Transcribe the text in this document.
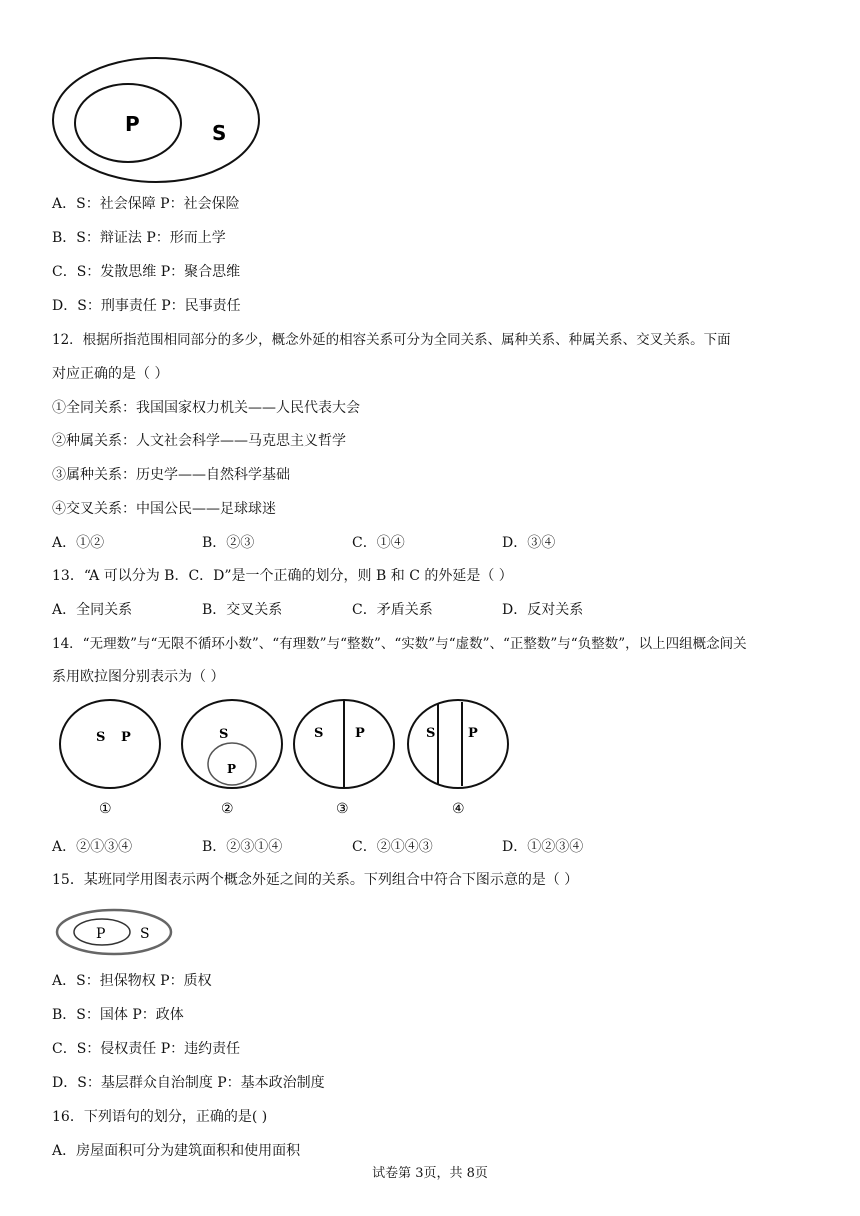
P	S
A．S：社会保障 P：社会保险
B．S：辩证法 P：形而上学
C．S：发散思维 P：聚合思维
D．S：刑事责任 P：民事责任
12．根据所指范围相同部分的多少，概念外延的相容关系可分为全同关系、属种关系、种属关系、交叉关系。下面
对应正确的是（ ）
①全同关系：我国国家权力机关——人民代表大会
②种属关系：人文社会科学——马克思主义哲学
③属种关系：历史学——自然科学基础
④交叉关系：中国公民——足球球迷
A．①②	B．②③	C．①④	D．③④
13．“A 可以分为 B．C．D”是一个正确的划分，则 B 和 C 的外延是（ ）
A．全同关系	B．交叉关系	C．矛盾关系	D．反对关系
14．“无理数”与“无限不循环小数”、“有理数”与“整数”、“实数”与“虚数”、“正整数”与“负整数”，以上四组概念间关
系用欧拉图分别表示为（ ）
S P
①
S
P
②
S P
③
S	P
④
A．②①③④	B．②③①④	C．②①④③	D．①②③④
15．某班同学用图表示两个概念外延之间的关系。下列组合中符合下图示意的是（ ）
P S
A．S：担保物权 P：质权
B．S：国体 P：政体
C．S：侵权责任 P：违约责任
D．S：基层群众自治制度 P：基本政治制度
16．下列语句的划分，正确的是( )
A．房屋面积可分为建筑面积和使用面积
试卷第 3页，共 8页
